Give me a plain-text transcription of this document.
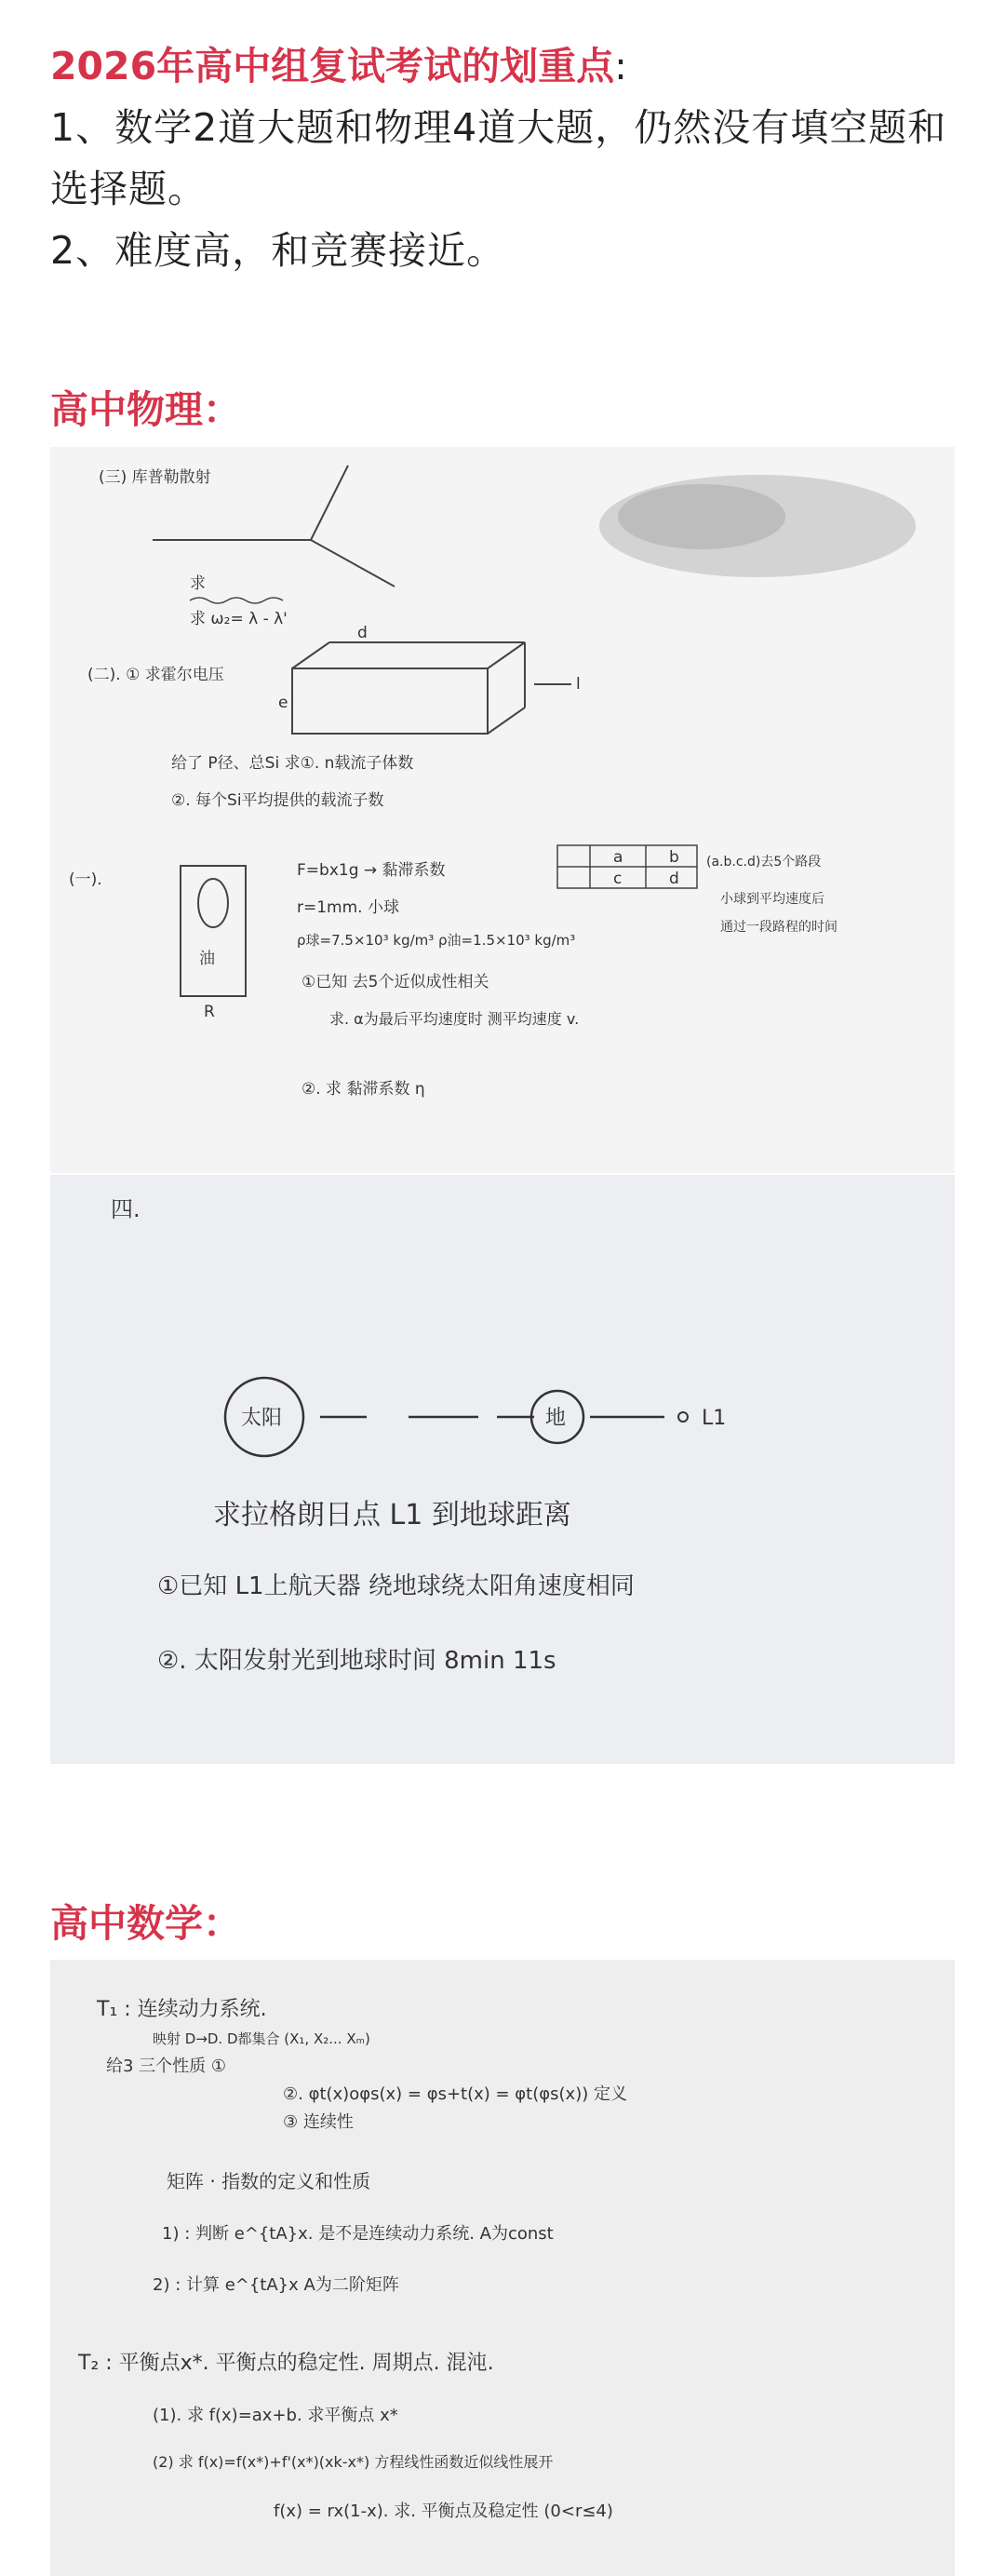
2026年高中组复试考试的划重点:

1、数学2道大题和物理4道大题，仍然没有填空题和选择题。

2、难度高，和竞赛接近。

高中物理：
(三) 库普勒散射
求
求 ω₂= λ - λ'
(二). ① 求霍尔电压
d
e
l
给了 P径、总Si 求①. n载流子体数
②. 每个Si平均提供的载流子数
(一).
油
R
F=bx1g → 黏滞系数
r=1mm. 小球
ρ球=7.5×10³ kg/m³ ρ油=1.5×10³ kg/m³
①已知 去5个近似成性相关
求. α为最后平均速度时 测平均速度 v.
②. 求 黏滞系数 η
a	b
c	d
(a.b.c.d)去5个路段
小球到平均速度后
通过一段路程的时间
四.
太阳	地	L1
求拉格朗日点 L1 到地球距离
①已知 L1上航天器 绕地球绕太阳角速度相同
②. 太阳发射光到地球时间 8min 11s
高中数学：
T₁ : 连续动力系统.
映射 D→D. D都集合 (X₁, X₂... Xₘ)
给3 三个性质 ①
②. φt(x)oφs(x) = φs+t(x) = φt(φs(x)) 定义
③ 连续性
矩阵 · 指数的定义和性质
1) : 判断 e^{tA}x. 是不是连续动力系统. A为const
2) : 计算 e^{tA}x A为二阶矩阵
T₂ : 平衡点x*. 平衡点的稳定性. 周期点. 混沌.
(1). 求 f(x)=ax+b. 求平衡点 x*
(2) 求 f(x)=f(x*)+f'(x*)(xk-x*) 方程线性函数近似线性展开
f(x) = rx(1-x). 求. 平衡点及稳定性 (0<r≤4)
